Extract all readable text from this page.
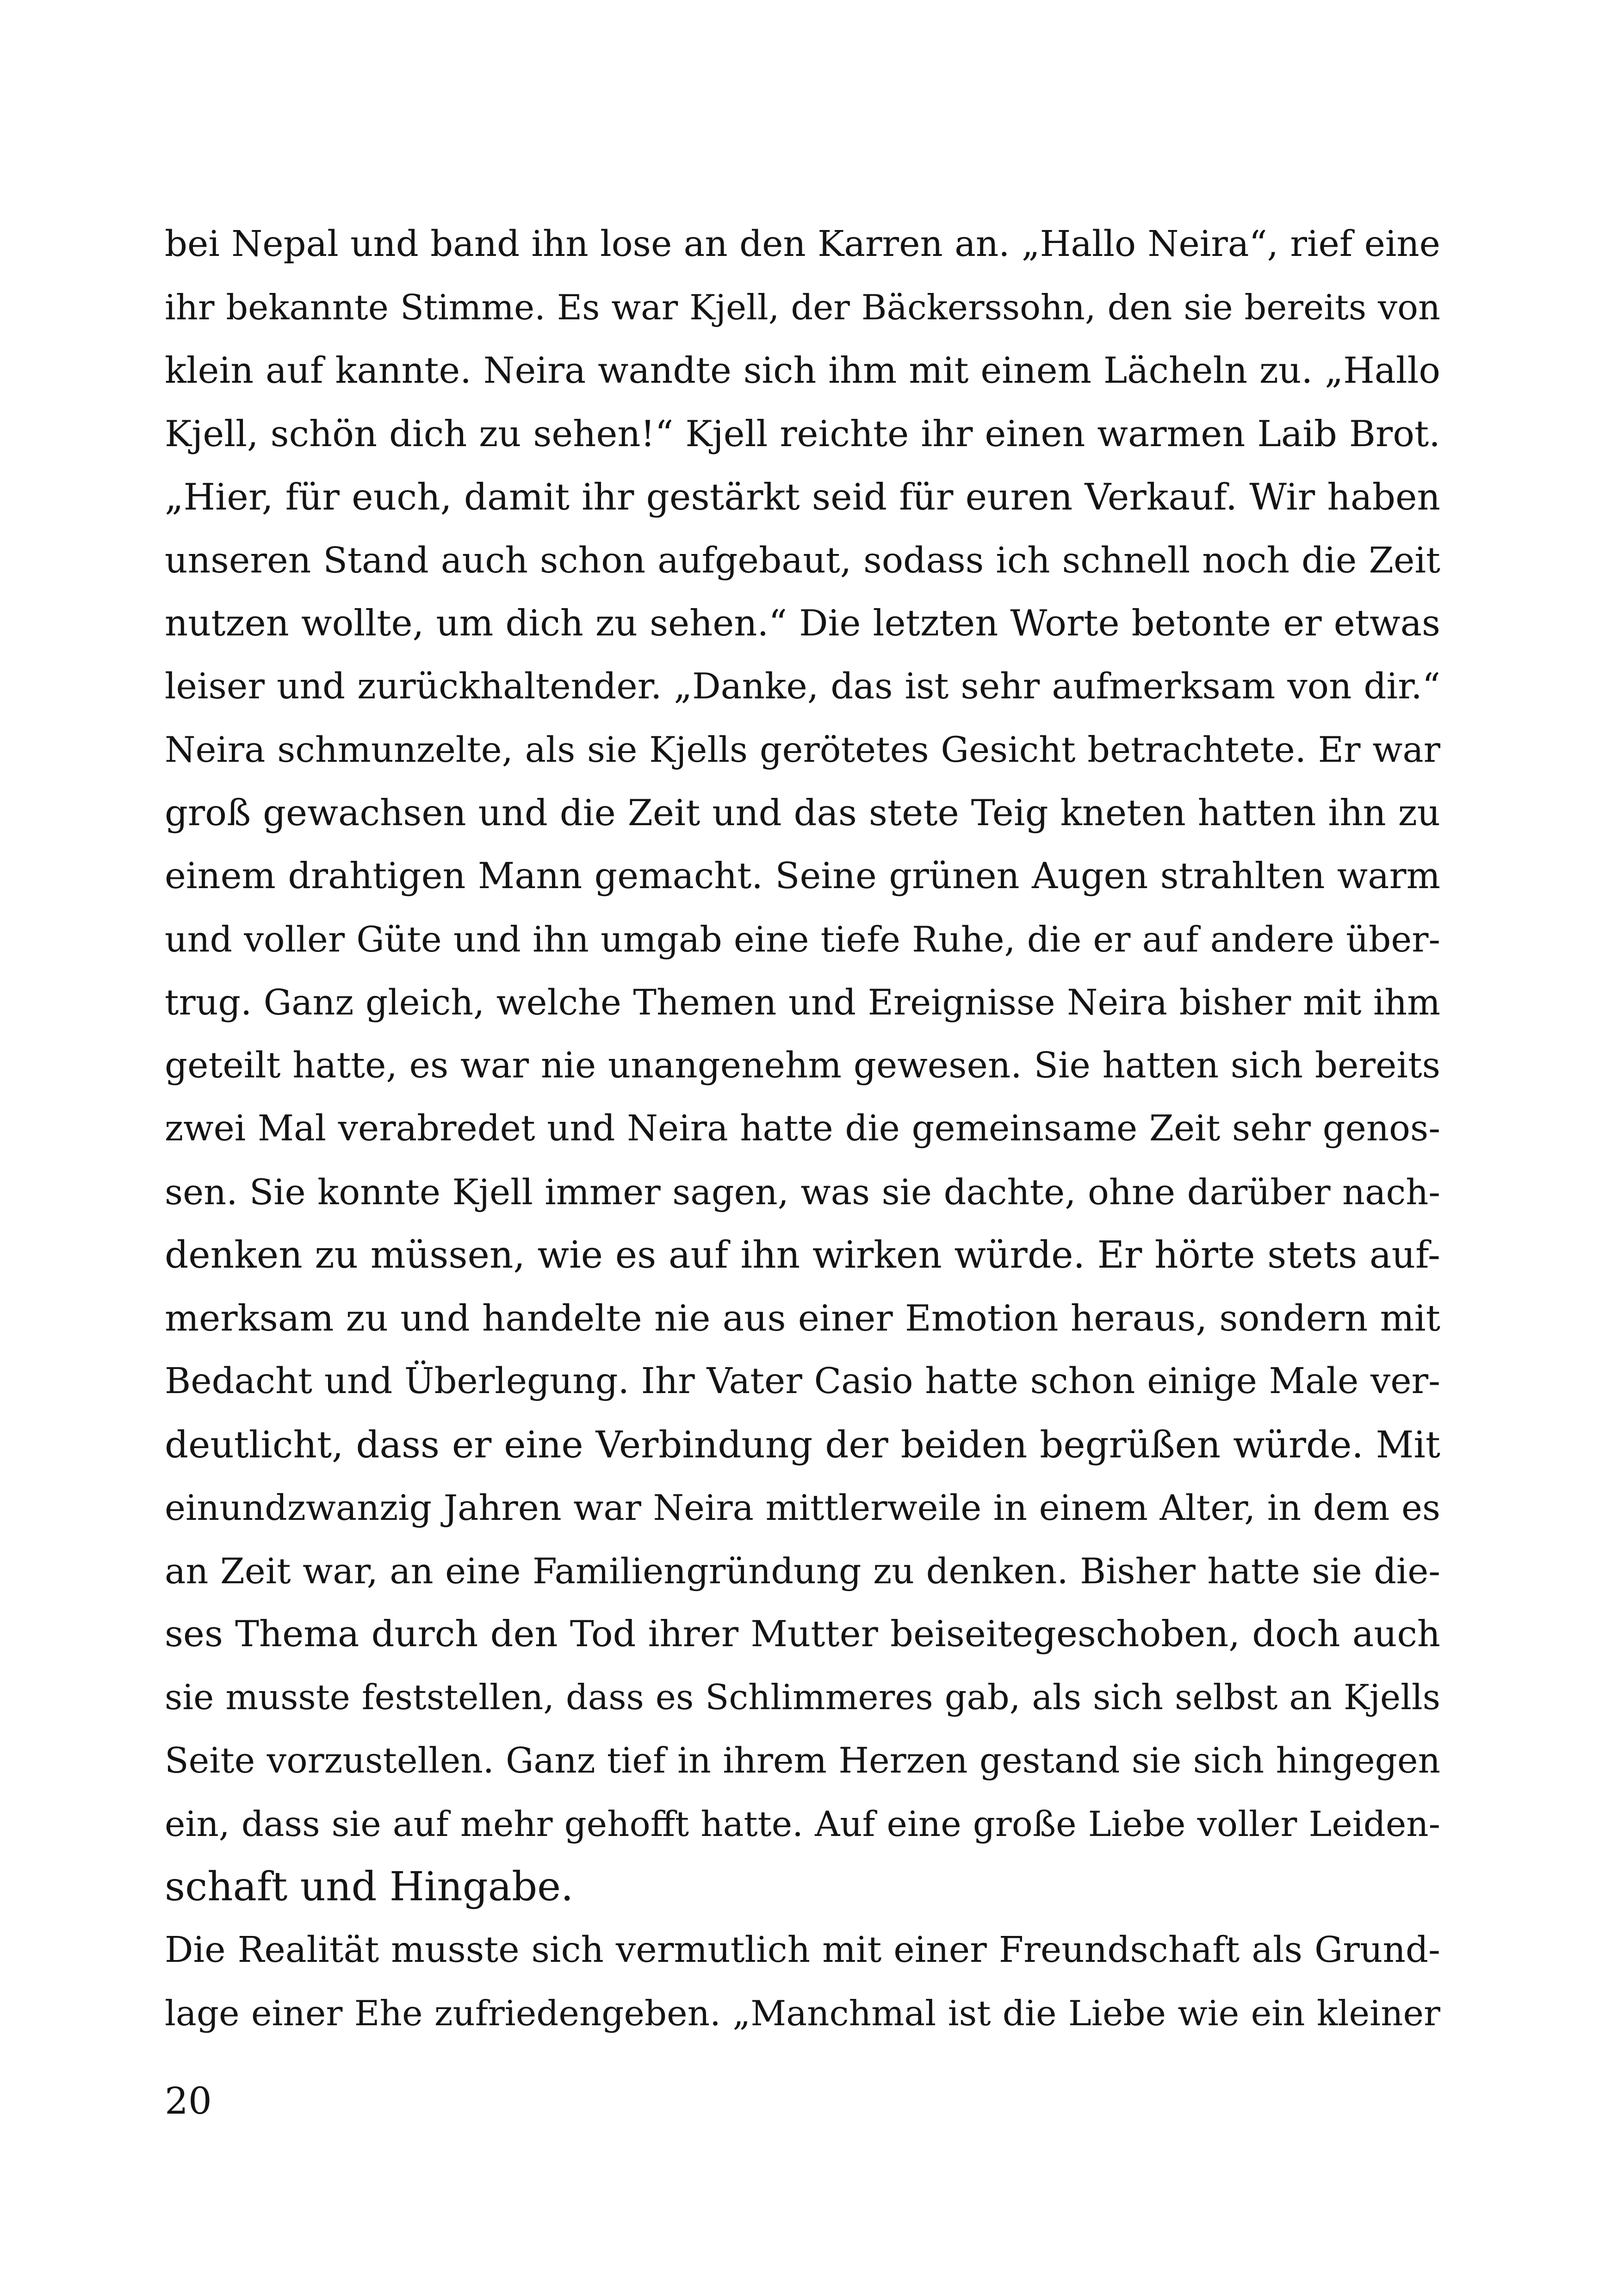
bei Nepal und band ihn lose an den Karren an. „Hallo Neira“, rief eine
ihr bekannte Stimme. Es war Kjell, der Bäckerssohn, den sie bereits von
klein auf kannte. Neira wandte sich ihm mit einem Lächeln zu. „Hallo
Kjell, schön dich zu sehen!“ Kjell reichte ihr einen warmen Laib Brot.
„Hier, für euch, damit ihr gestärkt seid für euren Verkauf. Wir haben
unseren Stand auch schon aufgebaut, sodass ich schnell noch die Zeit
nutzen wollte, um dich zu sehen.“ Die letzten Worte betonte er etwas
leiser und zurückhaltender. „Danke, das ist sehr aufmerksam von dir.“
Neira schmunzelte, als sie Kjells gerötetes Gesicht betrachtete. Er war
groß gewachsen und die Zeit und das stete Teig kneten hatten ihn zu
einem drahtigen Mann gemacht. Seine grünen Augen strahlten warm
und voller Güte und ihn umgab eine tiefe Ruhe, die er auf andere über-
trug. Ganz gleich, welche Themen und Ereignisse Neira bisher mit ihm
geteilt hatte, es war nie unangenehm gewesen. Sie hatten sich bereits
zwei Mal verabredet und Neira hatte die gemeinsame Zeit sehr genos-
sen. Sie konnte Kjell immer sagen, was sie dachte, ohne darüber nach-
denken zu müssen, wie es auf ihn wirken würde. Er hörte stets auf-
merksam zu und handelte nie aus einer Emotion heraus, sondern mit
Bedacht und Überlegung. Ihr Vater Casio hatte schon einige Male ver-
deutlicht, dass er eine Verbindung der beiden begrüßen würde. Mit
einundzwanzig Jahren war Neira mittlerweile in einem Alter, in dem es
an Zeit war, an eine Familiengründung zu denken. Bisher hatte sie die-
ses Thema durch den Tod ihrer Mutter beiseitegeschoben, doch auch
sie musste feststellen, dass es Schlimmeres gab, als sich selbst an Kjells
Seite vorzustellen. Ganz tief in ihrem Herzen gestand sie sich hingegen
ein, dass sie auf mehr gehofft hatte. Auf eine große Liebe voller Leiden-
schaft und Hingabe.
Die Realität musste sich vermutlich mit einer Freundschaft als Grund-
lage einer Ehe zufriedengeben. „Manchmal ist die Liebe wie ein kleiner
20
